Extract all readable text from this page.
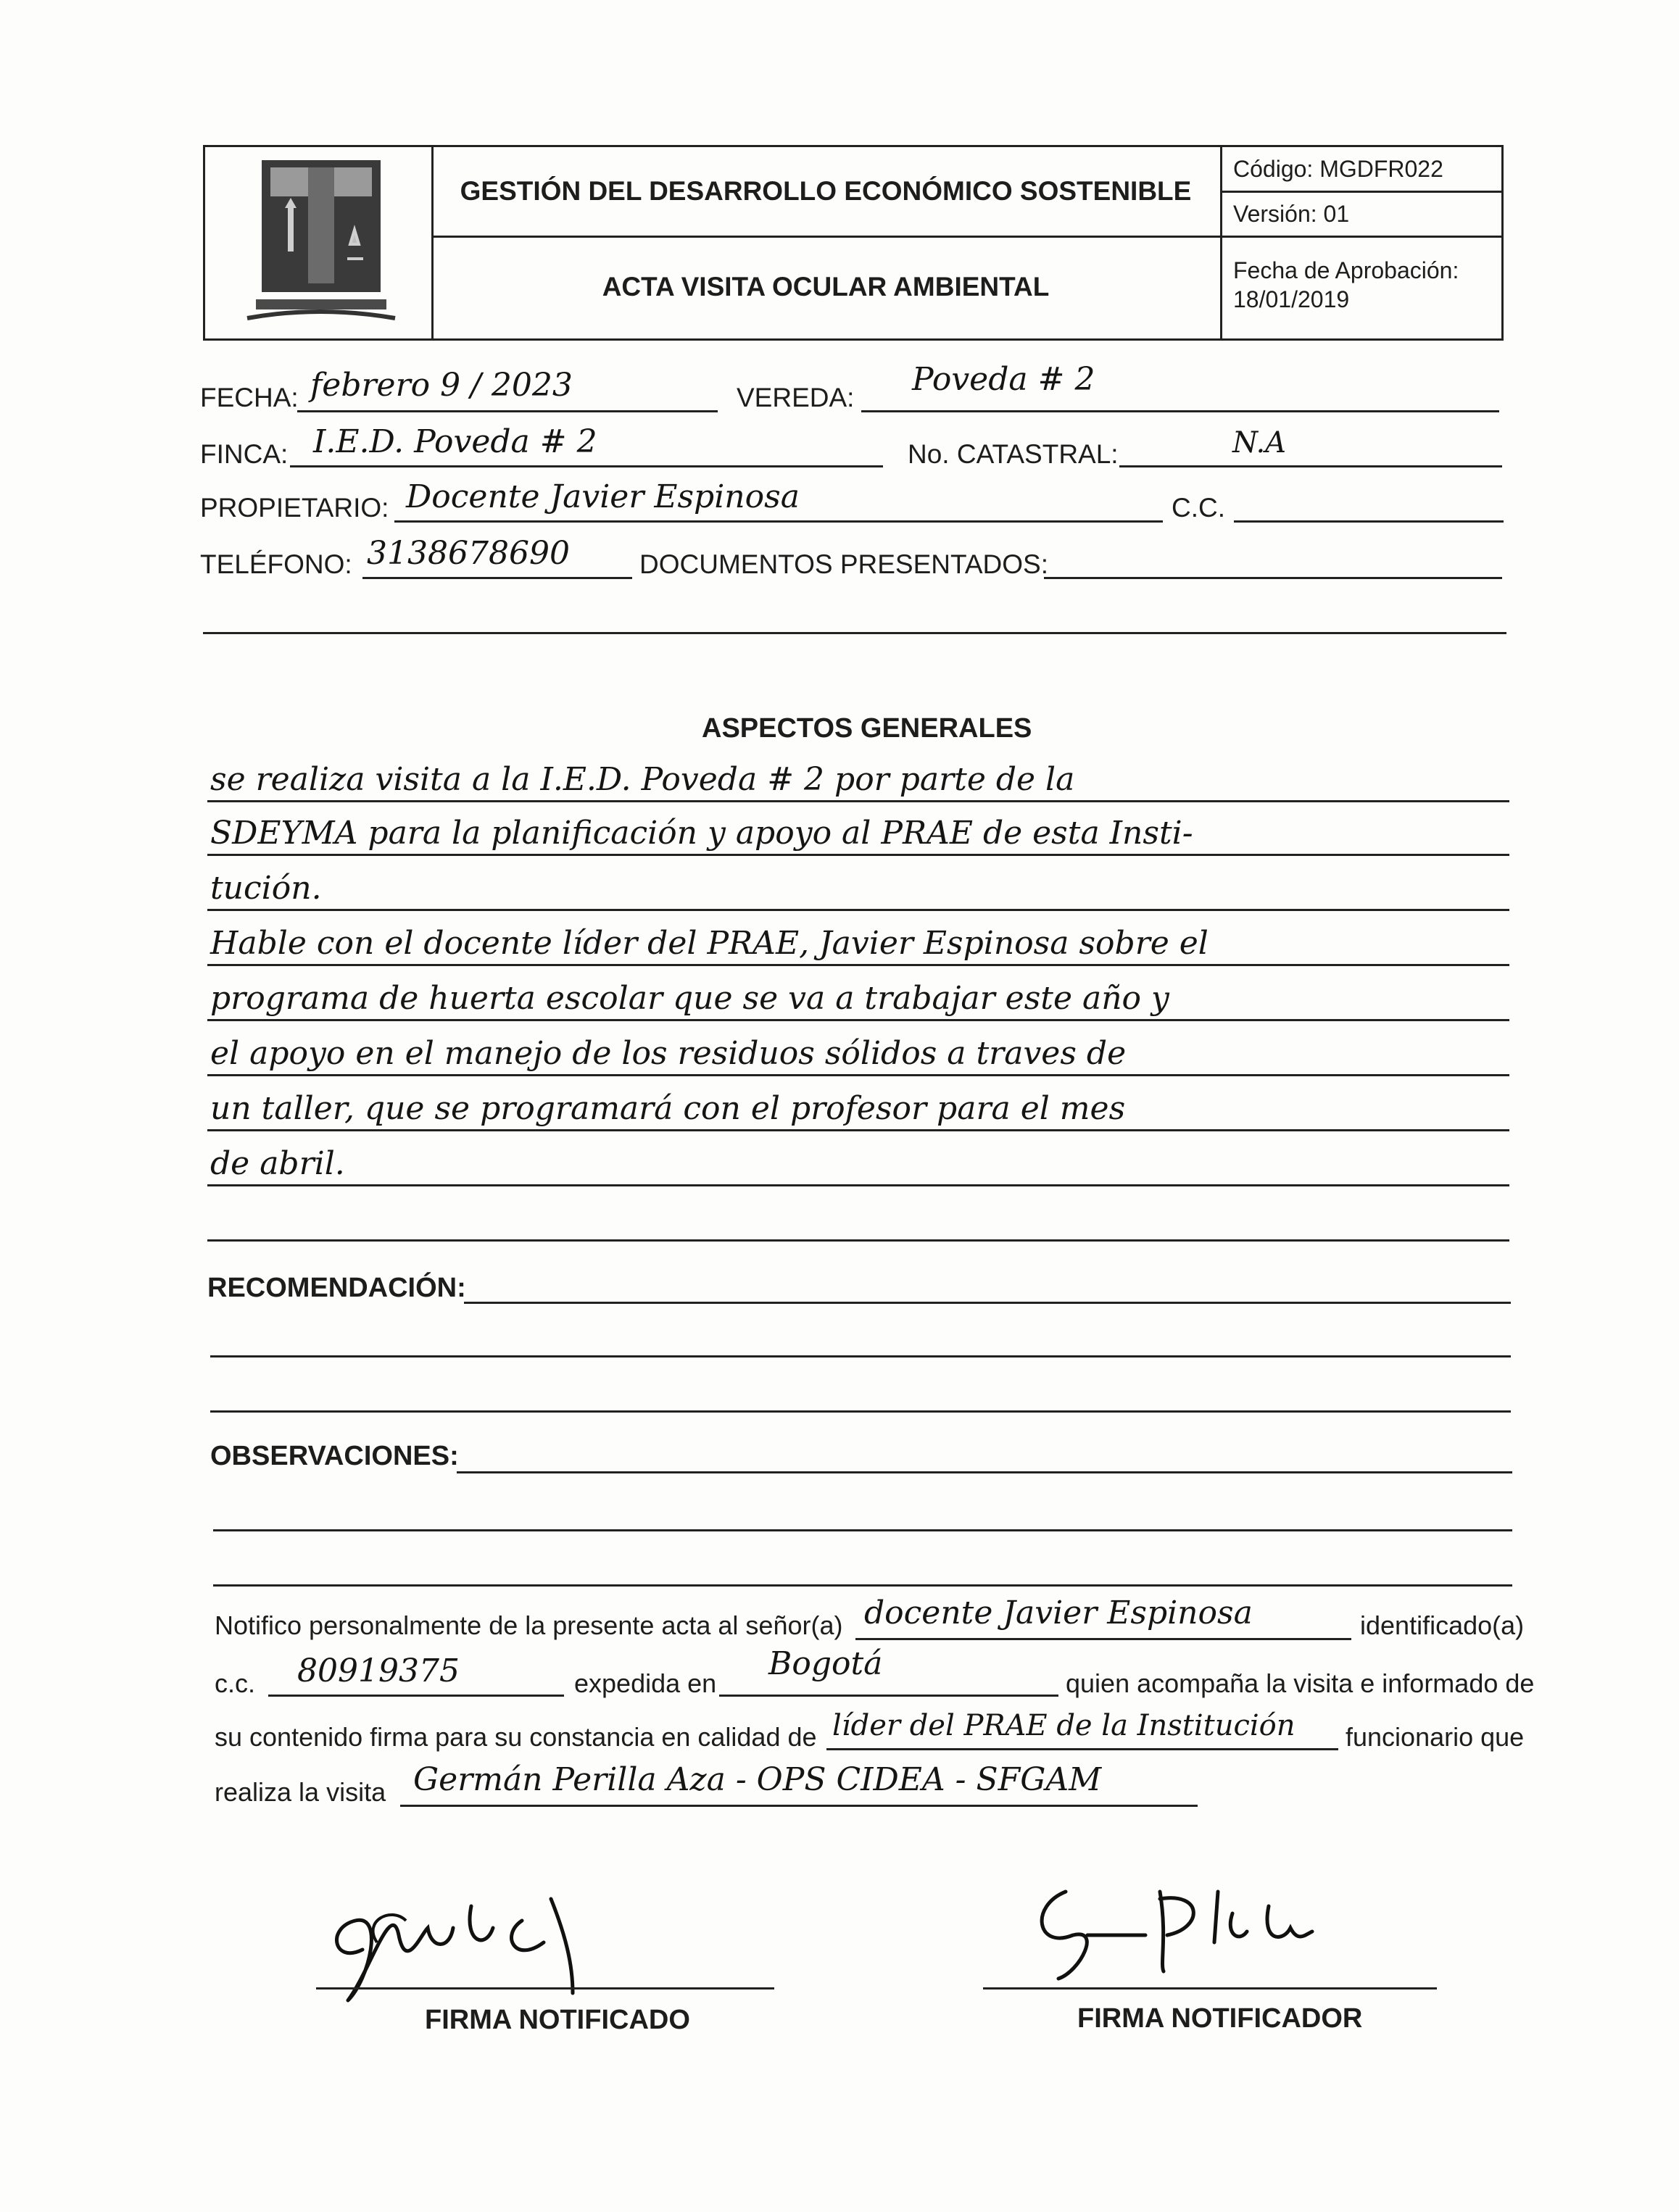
GESTIÓN DEL DESARROLLO ECONÓMICO SOSTENIBLE
ACTA VISITA OCULAR AMBIENTAL
Código: MGDFR022
Versión: 01
Fecha de Aprobación:
18/01/2019
FECHA: febrero 9 / 2023	VEREDA: Poveda # 2
FINCA: I.E.D. Poveda # 2	No. CATASTRAL:	N.A
PROPIETARIO: Docente Javier Espinosa	C.C.
TELÉFONO: 3138678690	DOCUMENTOS PRESENTADOS:
ASPECTOS GENERALES
se realiza visita a la I.E.D. Poveda # 2 por parte de la
SDEYMA para la planificación y apoyo al PRAE de esta Insti-
tución.
Hable con el docente líder del PRAE, Javier Espinosa sobre el
programa de huerta escolar que se va a trabajar este año y
el apoyo en el manejo de los residuos sólidos a traves de
un taller, que se programará con el profesor para el mes
de abril.
RECOMENDACIÓN:
OBSERVACIONES:
Notifico personalmente de la presente acta al señor(a) docente Javier Espinosa	identificado(a)
c.c. 80919375	expedida en
Bogotá
quien acompaña la visita e informado de
su contenido firma para su constancia en calidad de líder del PRAE de la Institución funcionario que
realiza la visita Germán Perilla Aza - OPS CIDEA - SFGAM
FIRMA NOTIFICADO	FIRMA NOTIFICADOR
